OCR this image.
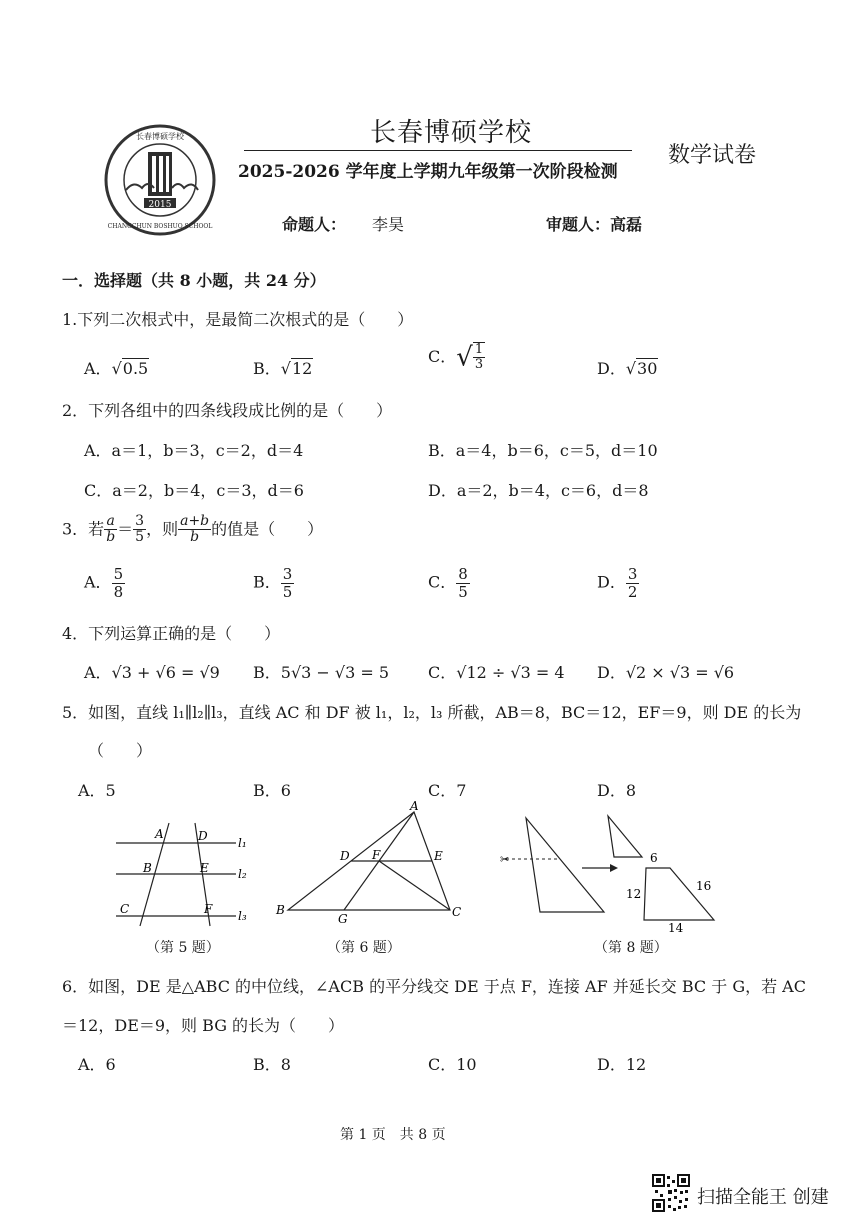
2015
长春博硕学校
CHANGCHUN BOSHUO SCHOOL
长春博硕学校
2025-2026 学年度上学期九年级第一次阶段检测
数学试卷
命题人： 李昊	审题人：高磊
一．选择题（共 8 小题，共 24 分）
1.下列二次根式中，是最简二次根式的是（　　）
A．√0.5	B．√12
C．√ $\frac{1}{3}$	D．√30
2．下列各组中的四条线段成比例的是（　　）
A．a＝1，b＝3，c＝2，d＝4	B．a＝4，b＝6，c＝5，d＝10
C．a＝2，b＝4，c＝3，d＝6	D．a＝2，b＝4，c＝6，d＝8
3．若 $\frac{a}{b} = \frac{3}{5}$ ，则 $\frac{a+b}{b}$ 的值是（　　）
A． $\frac{5}{8}$	B． $\frac{3}{5}$	C． $\frac{8}{5}$	D． $\frac{3}{2}$
4．下列运算正确的是（　　）
A．√3 + √6 = √9 B．5√3 − √3 = 5 C．√12 ÷ √3 = 4 D．√2 × √3 = √6
5．如图，直线 l₁∥l₂∥l₃，直线 AC 和 DF 被 l₁，l₂，l₃ 所截，AB＝8，BC＝12，EF＝9，则 DE 的长为
（　　）
A．5	B．6	C．7	D．8
A	D	l₁
B	E l₂
C	F l₃
（第 5 题）
A
D F	E
B
G	C
（第 6 题）
✂	6
12
16
14
（第 8 题）
6．如图，DE 是△ABC 的中位线，∠ACB 的平分线交 DE 于点 F，连接 AF 并延长交 BC 于 G，若 AC
＝12，DE＝9，则 BG 的长为（　　）
A．6	B．8	C．10	D．12
第 1 页　共 8 页
扫描全能王 创建
